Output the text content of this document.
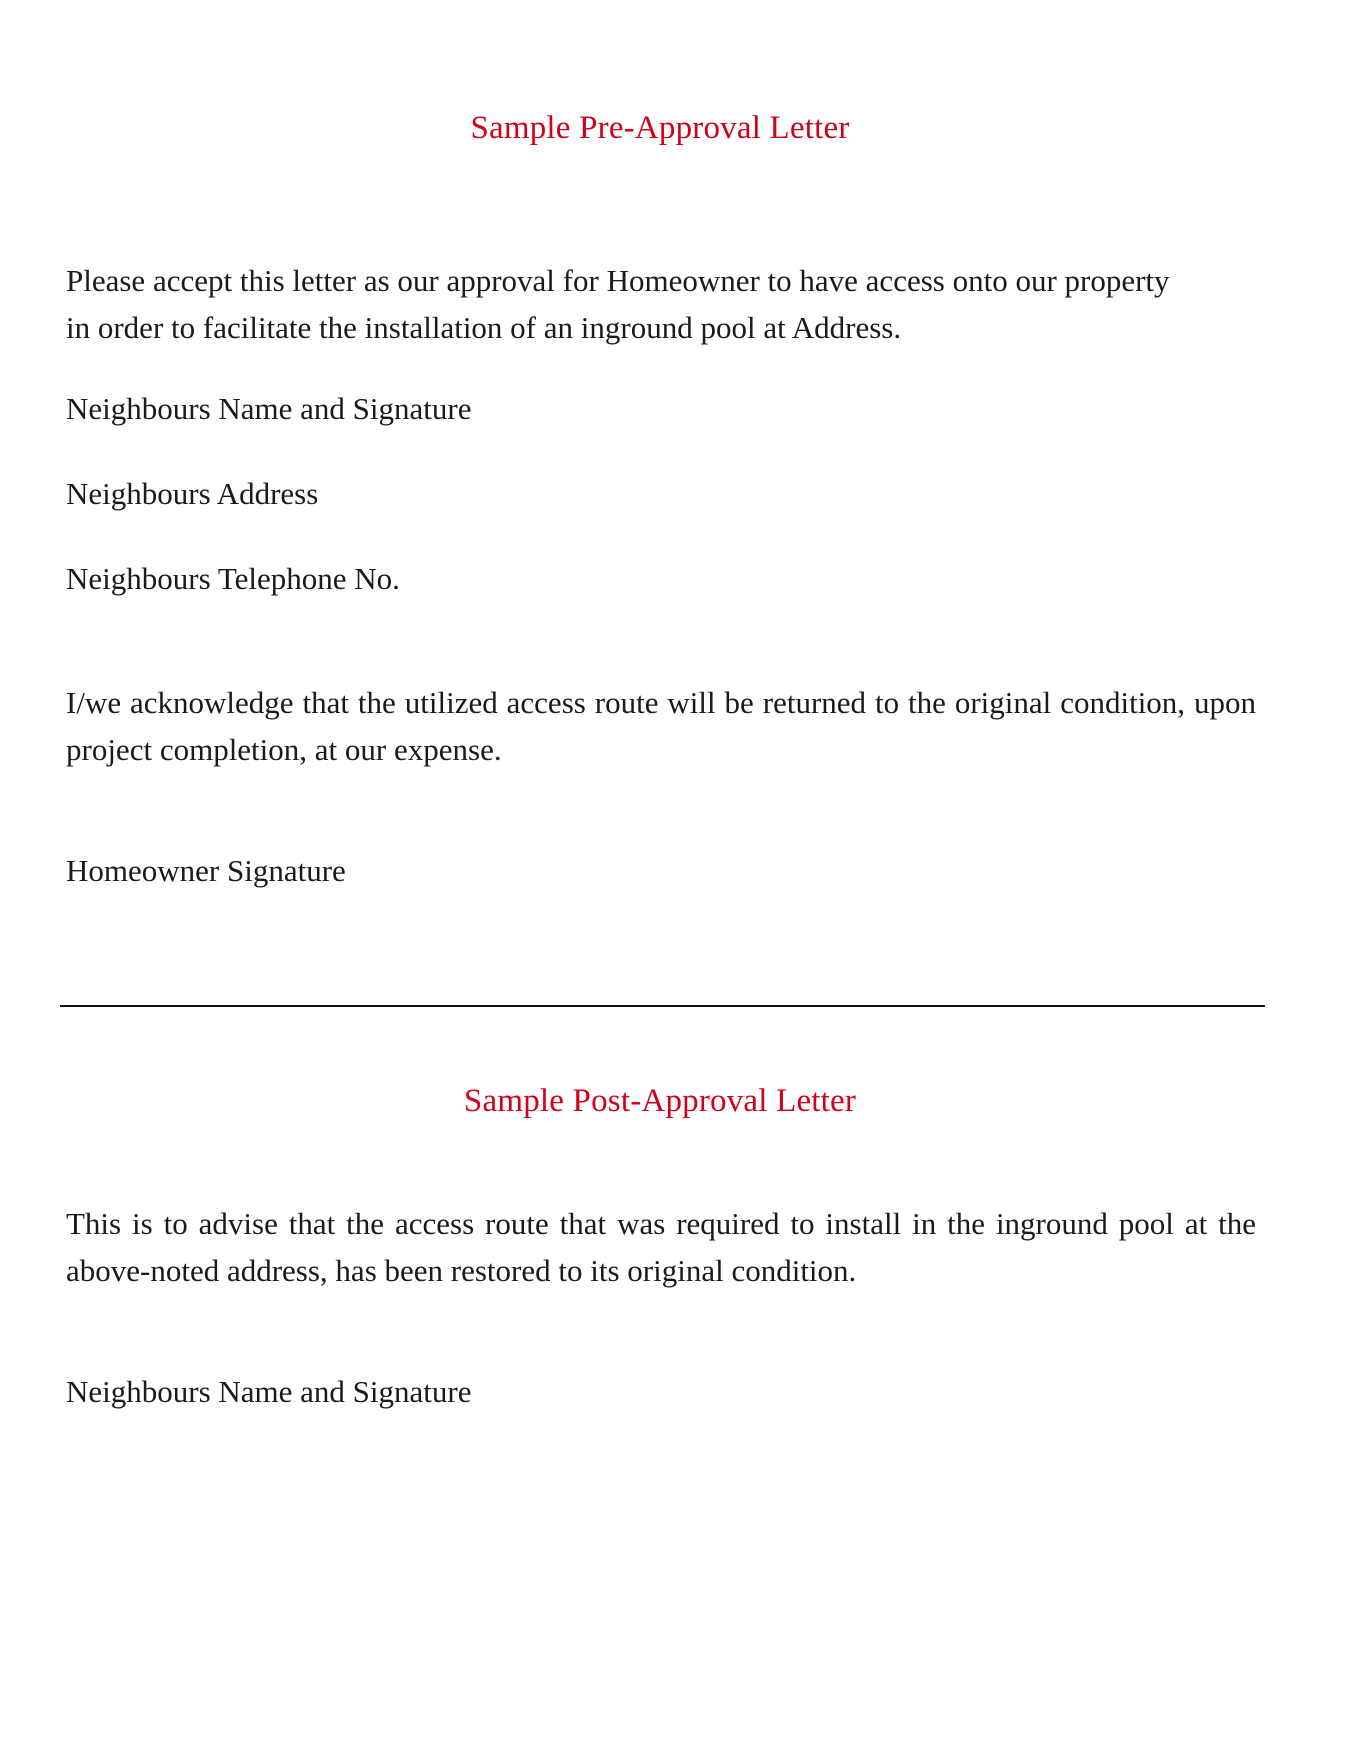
Sample Pre-Approval Letter

Please accept this letter as our approval for Homeowner to have access onto our property in order to facilitate the installation of an inground pool at Address.

Neighbours Name and Signature

Neighbours Address

Neighbours Telephone No.

I/we acknowledge that the utilized access route will be returned to the original condition, upon project completion, at our expense.

Homeowner Signature

Sample Post-Approval Letter

This is to advise that the access route that was required to install in the inground pool at the above-noted address, has been restored to its original condition.

Neighbours Name and Signature
